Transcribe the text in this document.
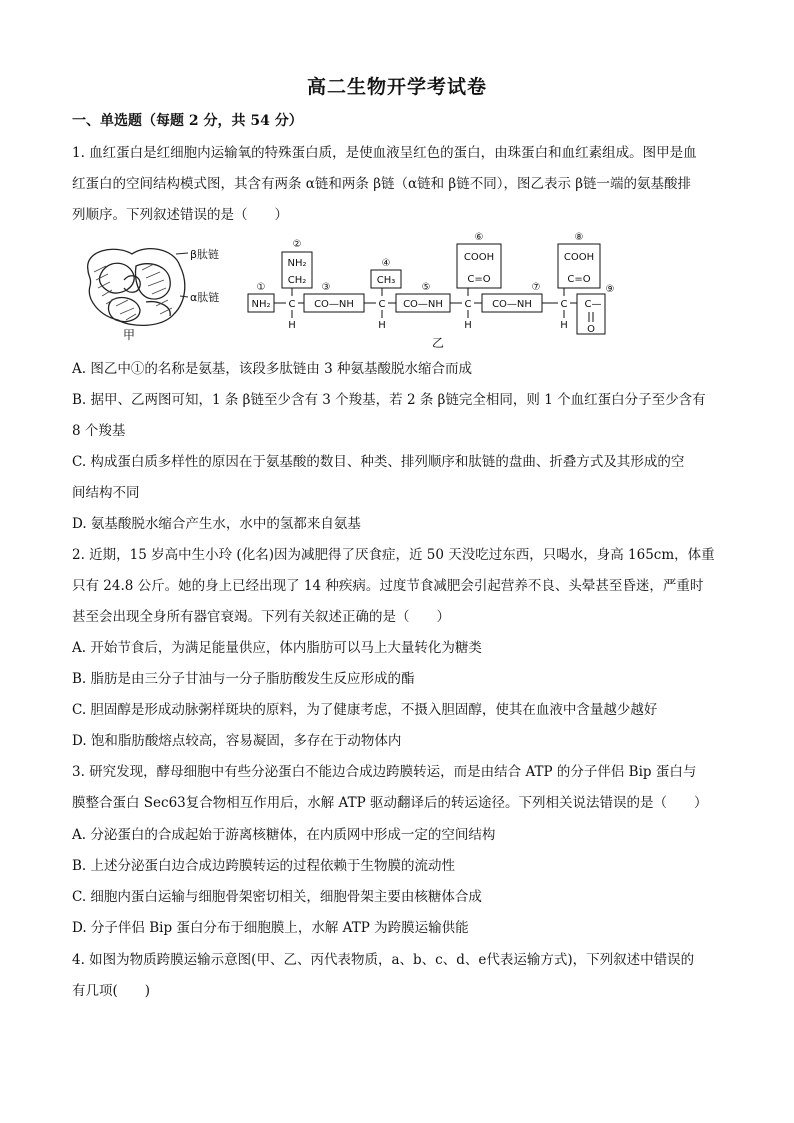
高二生物开学考试卷
一、单选题（每题 2 分，共 54 分）
1. 血红蛋白是红细胞内运输氧的特殊蛋白质，是使血液呈红色的蛋白，由珠蛋白和血红素组成。图甲是血
红蛋白的空间结构模式图，其含有两条 α链和两条 β链（α链和 β链不同），图乙表示 β链一端的氨基酸排
列顺序。下列叙述错误的是（　　）
β肽链
α肽链
甲
①
②
③
④
⑤
⑥
⑦
⑧
⑨
NH₂
NH₂
CH₂
C
H
CO—NH
CH₃
C
H
CO—NH
COOH
C=O
C
H
CO—NH
COOH
C=O
C
H
C—
O
乙
A. 图乙中①的名称是氨基，该段多肽链由 3 种氨基酸脱水缩合而成
B. 据甲、乙两图可知，1 条 β链至少含有 3 个羧基，若 2 条 β链完全相同，则 1 个血红蛋白分子至少含有
8 个羧基
C. 构成蛋白质多样性的原因在于氨基酸的数目、种类、排列顺序和肽链的盘曲、折叠方式及其形成的空
间结构不同
D. 氨基酸脱水缩合产生水，水中的氢都来自氨基
2. 近期，15 岁高中生小玲 (化名)因为减肥得了厌食症，近 50 天没吃过东西，只喝水，身高 165cm，体重
只有 24.8 公斤。她的身上已经出现了 14 种疾病。过度节食减肥会引起营养不良、头晕甚至昏迷，严重时
甚至会出现全身所有器官衰竭。下列有关叙述正确的是（　　）
A. 开始节食后，为满足能量供应，体内脂肪可以马上大量转化为糖类
B. 脂肪是由三分子甘油与一分子脂肪酸发生反应形成的酯
C. 胆固醇是形成动脉粥样斑块的原料，为了健康考虑，不摄入胆固醇，使其在血液中含量越少越好
D. 饱和脂肪酸熔点较高，容易凝固，多存在于动物体内
3. 研究发现，酵母细胞中有些分泌蛋白不能边合成边跨膜转运，而是由结合 ATP 的分子伴侣 Bip 蛋白与
膜整合蛋白 Sec63复合物相互作用后，水解 ATP 驱动翻译后的转运途径。下列相关说法错误的是（　　）
A. 分泌蛋白的合成起始于游离核糖体，在内质网中形成一定的空间结构
B. 上述分泌蛋白边合成边跨膜转运的过程依赖于生物膜的流动性
C. 细胞内蛋白运输与细胞骨架密切相关，细胞骨架主要由核糖体合成
D. 分子伴侣 Bip 蛋白分布于细胞膜上，水解 ATP 为跨膜运输供能
4. 如图为物质跨膜运输示意图(甲、乙、丙代表物质，a、b、c、d、e代表运输方式)，下列叙述中错误的
有几项(　　)
